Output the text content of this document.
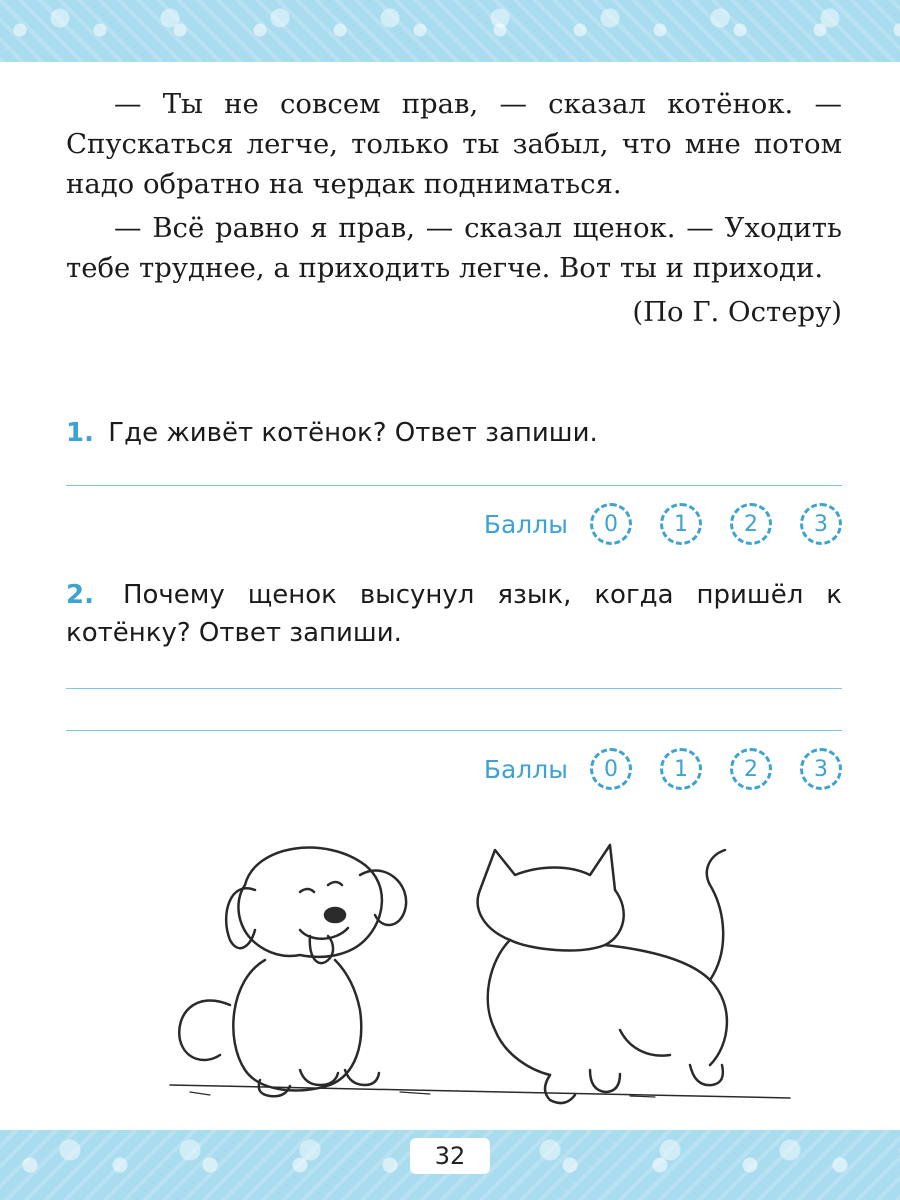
— Ты не совсем прав, — сказал котёнок. — Спускаться легче, только ты забыл, что мне потом надо обратно на чердак подниматься.

— Всё равно я прав, — сказал щенок. — Уходить тебе труднее, а приходить легче. Вот ты и приходи.

(По Г. Остеру)
1. Где живёт котёнок? Ответ запиши.
Баллы	0	1	2	3
2. Почему щенок высунул язык, когда пришёл к котёнку? Ответ запиши.
Баллы	0	1	2	3
32
